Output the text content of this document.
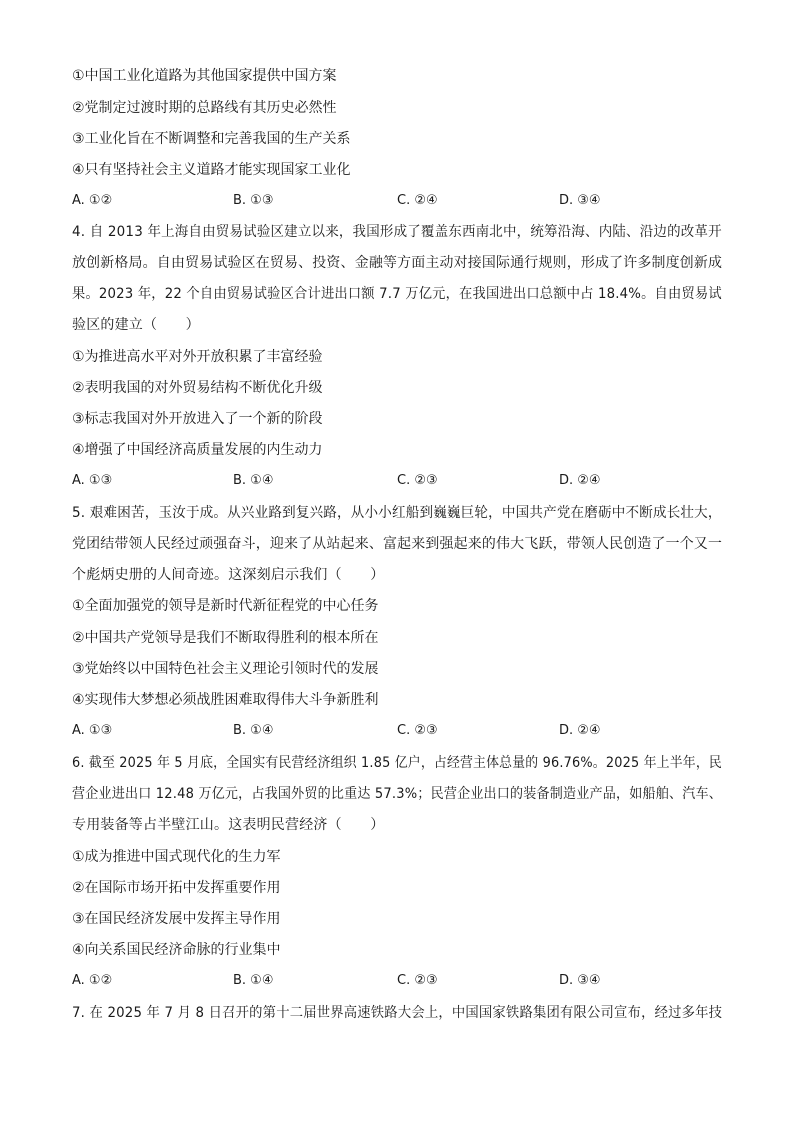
①中国工业化道路为其他国家提供中国方案
②党制定过渡时期的总路线有其历史必然性
③工业化旨在不断调整和完善我国的生产关系
④只有坚持社会主义道路才能实现国家工业化
A. ①②	B. ①③	C. ②④	D. ③④
4. 自 2013 年上海自由贸易试验区建立以来，我国形成了覆盖东西南北中，统筹沿海、内陆、沿边的改革开
放创新格局。自由贸易试验区在贸易、投资、金融等方面主动对接国际通行规则，形成了许多制度创新成
果。2023 年，22 个自由贸易试验区合计进出口额 7.7 万亿元，在我国进出口总额中占 18.4%。自由贸易试
验区的建立（　　）
①为推进高水平对外开放积累了丰富经验
②表明我国的对外贸易结构不断优化升级
③标志我国对外开放进入了一个新的阶段
④增强了中国经济高质量发展的内生动力
A. ①③	B. ①④	C. ②③	D. ②④
5. 艰难困苦，玉汝于成。从兴业路到复兴路，从小小红船到巍巍巨轮，中国共产党在磨砺中不断成长壮大，
党团结带领人民经过顽强奋斗，迎来了从站起来、富起来到强起来的伟大飞跃，带领人民创造了一个又一
个彪炳史册的人间奇迹。这深刻启示我们（　　）
①全面加强党的领导是新时代新征程党的中心任务
②中国共产党领导是我们不断取得胜利的根本所在
③党始终以中国特色社会主义理论引领时代的发展
④实现伟大梦想必须战胜困难取得伟大斗争新胜利
A. ①③	B. ①④	C. ②③	D. ②④
6. 截至 2025 年 5 月底，全国实有民营经济组织 1.85 亿户，占经营主体总量的 96.76%。2025 年上半年，民
营企业进出口 12.48 万亿元，占我国外贸的比重达 57.3%；民营企业出口的装备制造业产品，如船舶、汽车、
专用装备等占半壁江山。这表明民营经济（　　）
①成为推进中国式现代化的生力军
②在国际市场开拓中发挥重要作用
③在国民经济发展中发挥主导作用
④向关系国民经济命脉的行业集中
A. ①②	B. ①④	C. ②③	D. ③④
7. 在 2025 年 7 月 8 日召开的第十二届世界高速铁路大会上，中国国家铁路集团有限公司宣布，经过多年技
